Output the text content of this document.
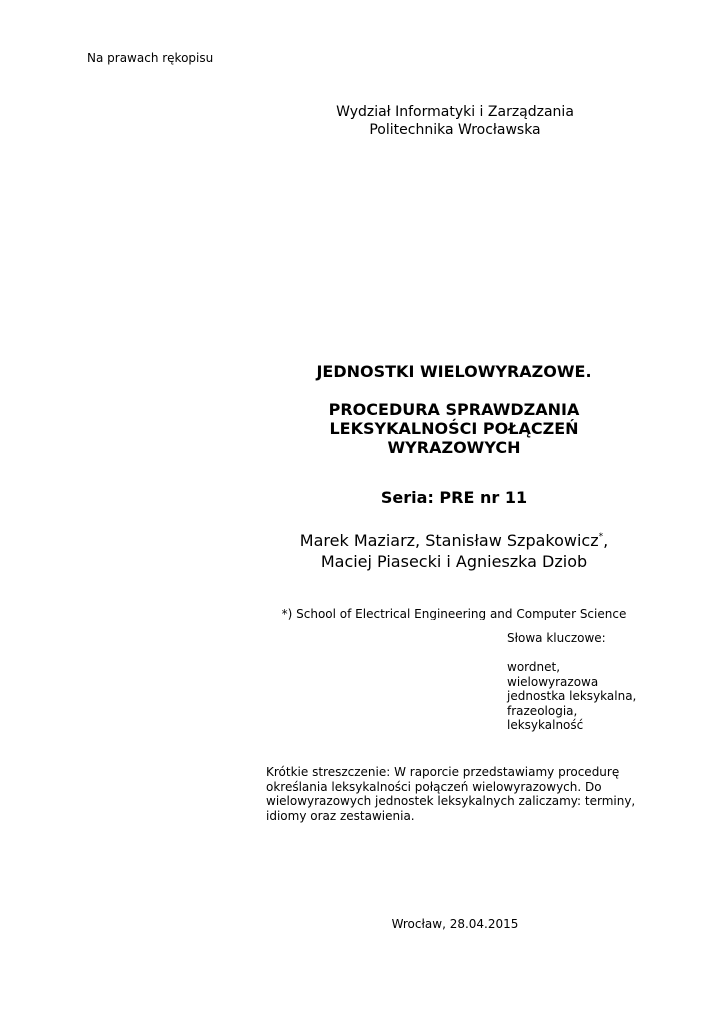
Na prawach rękopisu
Wydział Informatyki i Zarządzania
Politechnika Wrocławska
JEDNOSTKI WIELOWYRAZOWE.
PROCEDURA SPRAWDZANIA
LEKSYKALNOŚCI POŁĄCZEŃ
WYRAZOWYCH
Seria: PRE nr 11
Marek Maziarz, Stanisław Szpakowicz*,
Maciej Piasecki i Agnieszka Dziob
*) School of Electrical Engineering and Computer Science
Słowa kluczowe:
wordnet,
wielowyrazowa
jednostka leksykalna,
frazeologia,
leksykalność
Krótkie streszczenie: W raporcie przedstawiamy procedurę
określania leksykalności połączeń wielowyrazowych. Do
wielowyrazowych jednostek leksykalnych zaliczamy: terminy,
idiomy oraz zestawienia.
Wrocław, 28.04.2015
